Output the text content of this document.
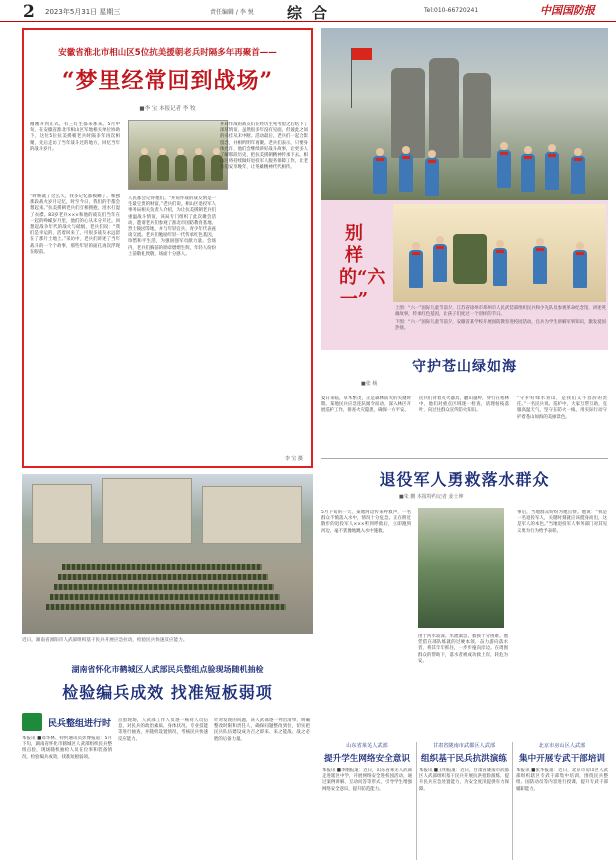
2 2023年5月31日 星期三	责任编辑 / 李 悦 综合	Tel:010-66720241	中国国防报
安徽省淮北市相山区5位抗美援朝老兵时隔多年再聚首——
“梦里经常回到战场”
■李 宝 本报记者 李 牧
刚刚开到正式，有三灯生都来那来。5月中旬，在安徽省淮北市相山区军地相关单位协助下，这位5位抗美援朝老兵时隔多年再次相聚，先后走访了当年战斗过的地方，回忆当年的战斗岁月。
“时候就了这么久，我多记忆都模糊了，唯独那段战火岁月记忆，时至今日，我们的手都会想起来。”抗美援朝老兵们互相拥抱，泪水打湿了衣襟。83岁老兵×××和他的战友们当年在一起的峥嵘岁月里，他们的心从未分开过。回想起战争年代的战火与硝烟，老兵们说：“我们是幸运的，活着回来了，可很多战友永远留在了那片土地上。”采访中，老兵们讲述了当年战斗的一个个故事，那些年轻的面孔再次浮现在眼前。
人民都会记得他们。“并肩作战的战友情是一生最宝贵的财富。”老兵们说。相山区退役军人事务局相关负责人介绍，为让抗美援朝老兵们重温战斗情谊，该局专门组织了此次聚会活动，邀请老兵们参观了淮北市国防教育基地、烈士陵园等地，并与年轻官兵、青少年代表座谈交流。老兵们勉励年轻一代传承红色基因，珍惜和平生活，为强国强军贡献力量。会场内，老兵们胸前的勋章熠熠生辉，年轻人纷纷上前敬礼致敬，场面十分感人。
并肩作战的战友们在经历生死考验之后结下了深厚情谊，虽然很多年没有见面，但彼此之间的牵挂从未中断。活动最后，老兵们一起合影留念，并相约明年再聚。老兵们表示，只要身体允许，他们会继续讲好战斗故事，让更多人了解那段历史，把抗美援朝精神传承下去。相山区将持续做好退役军人服务保障工作，让老兵们安享晚年，让英雄精神代代相传。
李 宝 摄
别样的“六一”	上图：“六一”国际儿童节前夕，江苏省徐州市邳州市人民武装部组织民兵和少先队员参观革命纪念馆，讲述英雄故事，传承红色基因，让孩子们度过一个别样的节日。

下图：“六一”国际儿童节前夕，安徽省某学校开展国防教育进校园活动，官兵为学生讲解军事知识，激发爱国热情。

守护苍山绿如海
■张 杨
夏日来临，草木繁茂，正是森林防火的关键时期。某地民兵应急连队闻令而动，深入林区开展巡护工作，排查火灾隐患，确保一方平安。
民兵们背着灭火器具，翻山越岭，穿行在密林中，他们对重点区域逐一检查，清理枯枝落叶，向过往群众宣传防火知识。
“守护好绿水青山，是我们义不容辞的责任。”一名民兵说。巡护中，大家互帮互助，克服高温天气，坚守在防火一线，用实际行动守护着苍山如海的美丽景色。
退役军人勇救落水群众
■朱 鹏 本报特约记者 姜士坤
5月下旬的一天，某地河边传来呼救声，一名群众不慎落入水中，情况十分危急。正在附近散步的退役军人×××听到呼救后，立即跑到河边，毫不犹豫地跳入水中施救。
由于河水较深、水流湍急，救援十分困难。他凭借在部队练就的过硬本领，奋力游向落水者，将其牢牢抓住，一步步拖向岸边。在周围群众的帮助下，落水者被成功救上岸，转危为安。
事后，当地群众纷纷为他点赞。他说：“我是一名退役军人，关键时刻就应该挺身而出，这是军人的本色。”当地退役军人事务部门对其见义勇为行为给予表彰。
近日，湖南省浏阳市人武部组织基干民兵开展应急拉动，检验民兵快速反应能力。
湖南省怀化市鹤城区人武部民兵整组点验现场随机抽检
检验编兵成效 找准短板弱项
民兵整组进行时
本报讯 ■邓华林、特约通讯员彭博报道：5月下旬，湖南省怀化市鹤城区人武部组织民兵整组点验，现场随机抽检人员在位率和装备情况，检验编兵成效，找准短板弱项。
点验现场，人武部工作人员逐一核对人员信息，对民兵的政治素质、身体状况、专业技能等进行抽查，并随机设置情况，考核民兵快速反应能力。
针对发现的问题，该人武部逐一列出清单，明确整改时限和责任人，确保问题整改到位，切实把民兵队伍建设成为召之即来、来之能战、战之必胜的后备力量。
山东省莱芜人武部
提升学生网络安全意识
本报讯 ■李刚报道：近日，山东省莱芜人武部走进辖区中学，开展网络安全进校园活动，通过案例讲解、互动问答等形式，引导学生增强网络安全意识，提升防范能力。
甘肃省陇南市武都区人武部
组织基干民兵抗洪演练
本报讯 ■王明报道：近日，甘肃省陇南市武都区人武部组织基干民兵开展抗洪抢险演练，提升民兵应急处置能力，为安全度汛提供有力保障。
北京市房山区人武部
集中开展专武干部培训
本报讯 ■张华报道：近日，北京市房山区人武部组织辖区专武干部集中培训，围绕民兵整组、国防动员等内容进行授课，提升专武干部履职能力。
